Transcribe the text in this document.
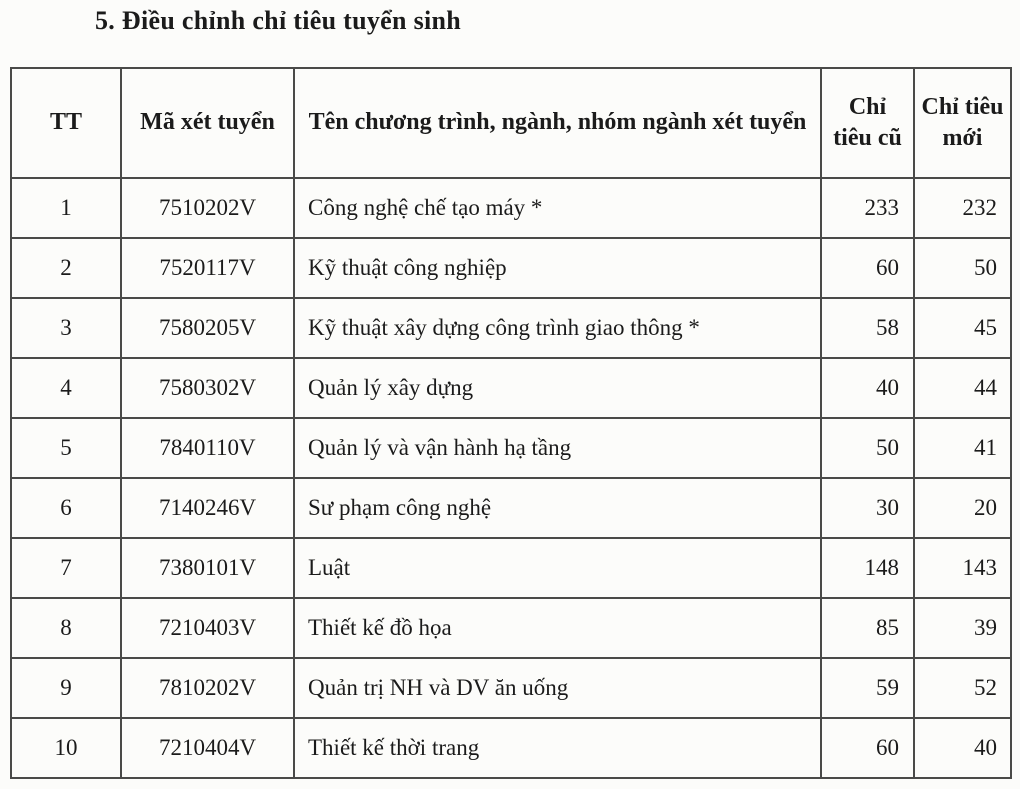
5. Điều chỉnh chỉ tiêu tuyển sinh
TT	Mã xét tuyển	Tên chương trình, ngành, nhóm ngành xét tuyển	Chỉ tiêu cũ	Chỉ tiêu mới
1	7510202V	Công nghệ chế tạo máy *	233	232
2	7520117V	Kỹ thuật công nghiệp	60	50
3	7580205V	Kỹ thuật xây dựng công trình giao thông *	58	45
4	7580302V	Quản lý xây dựng	40	44
5	7840110V	Quản lý và vận hành hạ tầng	50	41
6	7140246V	Sư phạm công nghệ	30	20
7	7380101V	Luật	148	143
8	7210403V	Thiết kế đồ họa	85	39
9	7810202V	Quản trị NH và DV ăn uống	59	52
10	7210404V	Thiết kế thời trang	60	40
